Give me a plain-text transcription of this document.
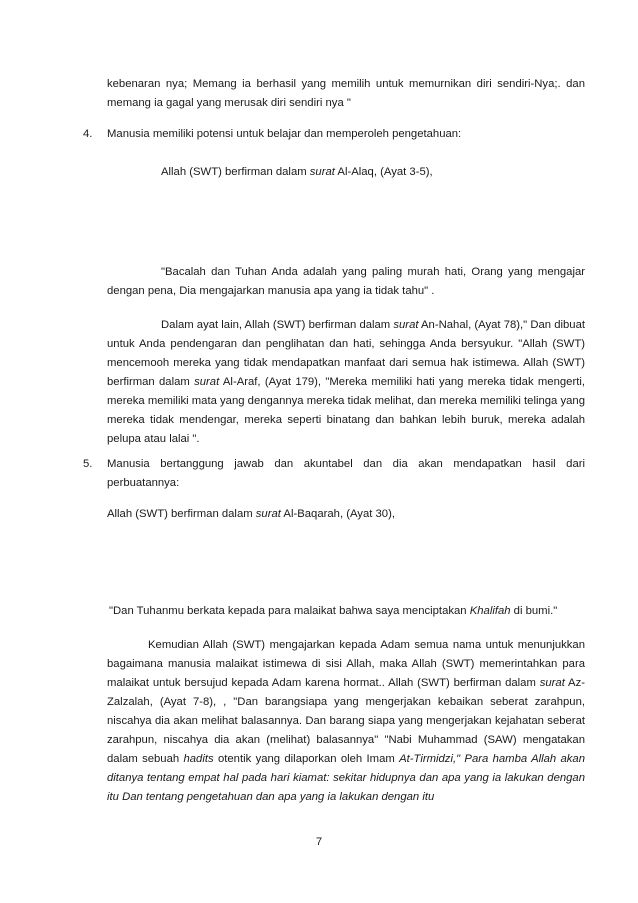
kebenaran nya; Memang ia berhasil yang memilih untuk memurnikan diri sendiri-Nya;. dan
memang ia gagal yang merusak diri sendiri nya "
4. Manusia memiliki potensi untuk belajar dan memperoleh pengetahuan:
Allah (SWT) berfirman dalam surat Al-Alaq, (Ayat 3-5),

"Bacalah dan Tuhan Anda adalah yang paling murah hati, Orang yang mengajar dengan pena, Dia mengajarkan manusia apa yang ia tidak tahu" .

Dalam ayat lain, Allah (SWT) berfirman dalam surat An-Nahal, (Ayat 78)," Dan dibuat untuk Anda pendengaran dan penglihatan dan hati, sehingga Anda bersyukur. "Allah (SWT) mencemooh mereka yang tidak mendapatkan manfaat dari semua hak istimewa. Allah (SWT) berfirman dalam surat Al-Araf, (Ayat 179), "Mereka memiliki hati yang mereka tidak mengerti, mereka memiliki mata yang dengannya mereka tidak melihat, dan mereka memiliki telinga yang mereka tidak mendengar, mereka seperti binatang dan bahkan lebih buruk, mereka adalah pelupa atau lalai ".

5. Manusia bertanggung jawab dan akuntabel dan dia akan mendapatkan hasil dari
perbuatannya:
Allah (SWT) berfirman dalam surat Al-Baqarah, (Ayat 30),
"Dan Tuhanmu berkata kepada para malaikat bahwa saya menciptakan Khalifah di bumi."

Kemudian Allah (SWT) mengajarkan kepada Adam semua nama untuk menunjukkan bagaimana manusia malaikat istimewa di sisi Allah, maka Allah (SWT) memerintahkan para malaikat untuk bersujud kepada Adam karena hormat.. Allah (SWT) berfirman dalam surat Az-Zalzalah, (Ayat 7-8), , "Dan barangsiapa yang mengerjakan kebaikan seberat zarahpun, niscahya dia akan melihat balasannya. Dan barang siapa yang mengerjakan kejahatan seberat zarahpun, niscahya dia akan (melihat) balasannya" "Nabi Muhammad (SAW) mengatakan dalam sebuah hadits otentik yang dilaporkan oleh Imam At-Tirmidzi," Para hamba Allah akan ditanya tentang empat hal pada hari kiamat: sekitar hidupnya dan apa yang ia lakukan dengan itu Dan tentang pengetahuan dan apa yang ia lakukan dengan itu

7
